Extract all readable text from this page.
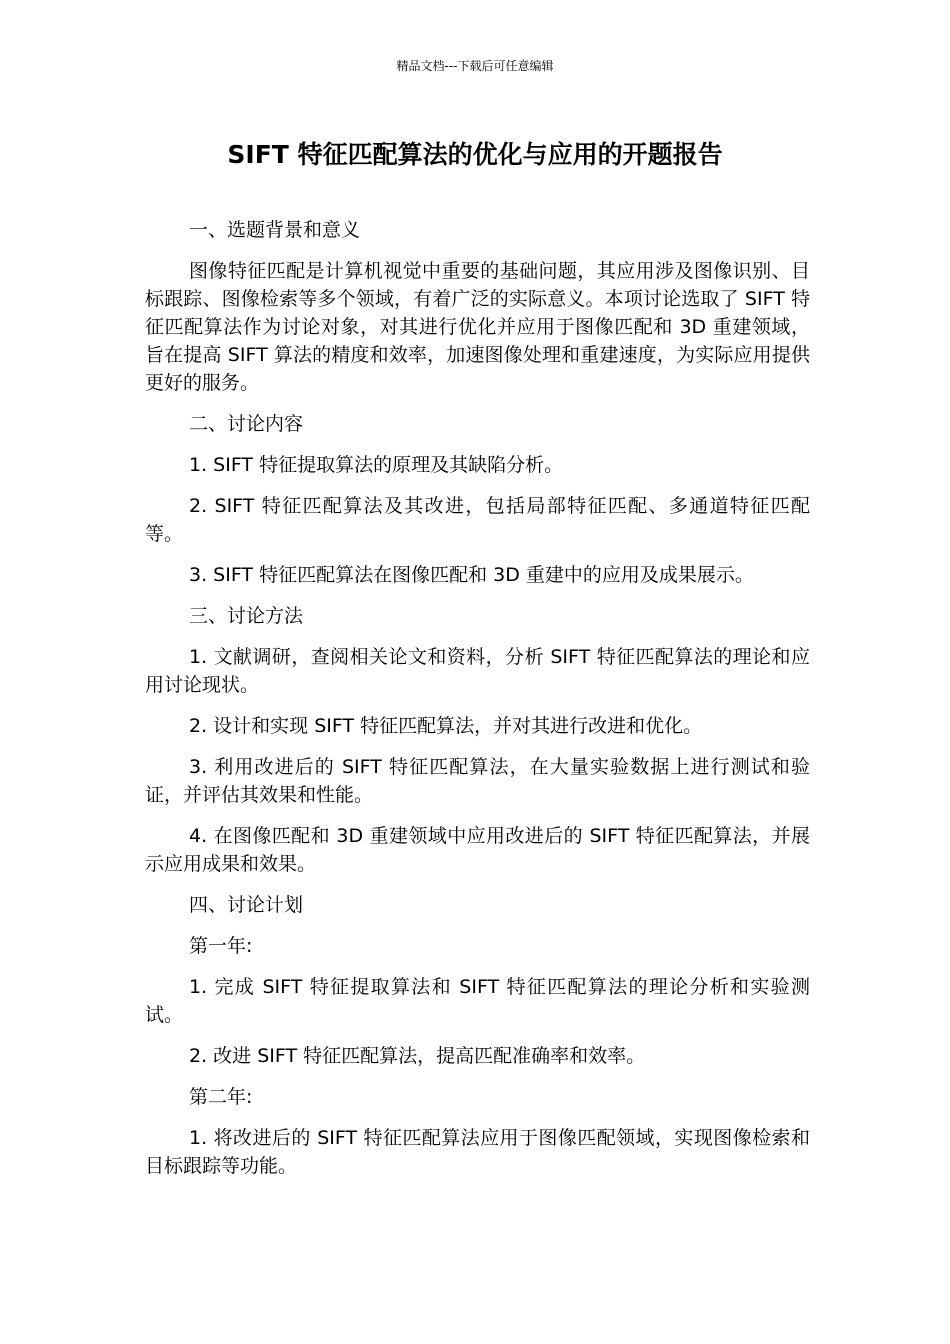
精品文档---下载后可任意编辑
SIFT 特征匹配算法的优化与应用的开题报告

一、选题背景和意义

图像特征匹配是计算机视觉中重要的基础问题，其应用涉及图像识别、目标跟踪、图像检索等多个领域，有着广泛的实际意义。本项讨论选取了 SIFT 特征匹配算法作为讨论对象，对其进行优化并应用于图像匹配和 3D 重建领域，旨在提高 SIFT 算法的精度和效率，加速图像处理和重建速度，为实际应用提供更好的服务。

二、讨论内容

1. SIFT 特征提取算法的原理及其缺陷分析。

2. SIFT 特征匹配算法及其改进，包括局部特征匹配、多通道特征匹配等。

3. SIFT 特征匹配算法在图像匹配和 3D 重建中的应用及成果展示。

三、讨论方法

1. 文献调研，查阅相关论文和资料，分析 SIFT 特征匹配算法的理论和应用讨论现状。

2. 设计和实现 SIFT 特征匹配算法，并对其进行改进和优化。

3. 利用改进后的 SIFT 特征匹配算法，在大量实验数据上进行测试和验证，并评估其效果和性能。

4. 在图像匹配和 3D 重建领域中应用改进后的 SIFT 特征匹配算法，并展示应用成果和效果。

四、讨论计划

第一年:

1. 完成 SIFT 特征提取算法和 SIFT 特征匹配算法的理论分析和实验测试。

2. 改进 SIFT 特征匹配算法，提高匹配准确率和效率。

第二年:

1. 将改进后的 SIFT 特征匹配算法应用于图像匹配领域，实现图像检索和目标跟踪等功能。
